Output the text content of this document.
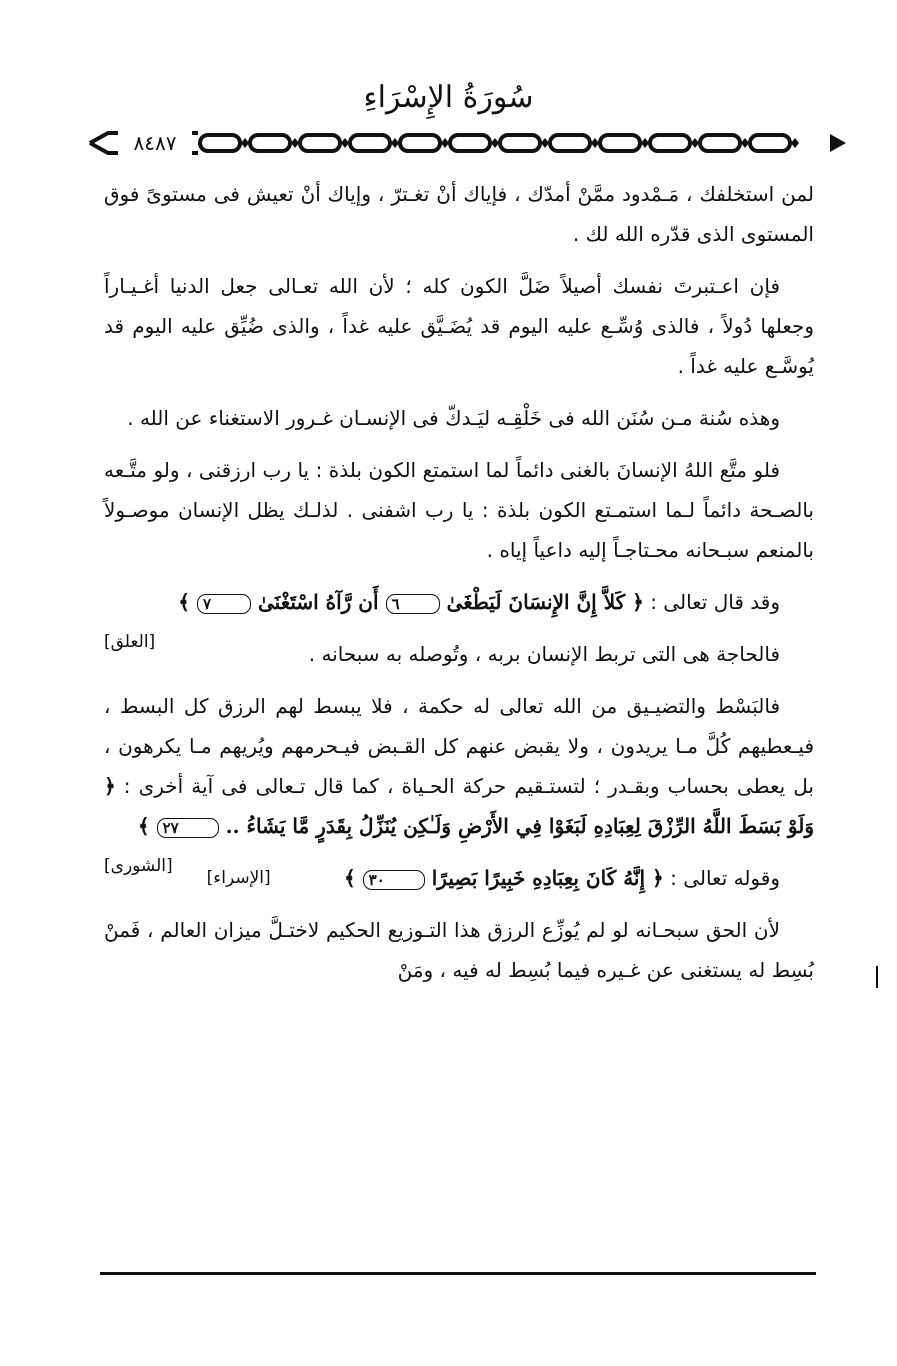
سُورَةُ الإِسْرَاءِ
٨٤٨٧

لمن استخلفك ، مَـمْدود ممَّنْ أمدّك ، فإياك أنْ تغـترّ ، وإياك أنْ تعيش فى مستوىً فوق المستوى الذى قدّره الله لك .

فإن اعـتبرتَ نفسك أصيلاً ضَلَّ الكون كله ؛ لأن الله تعـالى جعل الدنيا أغـيـاراً وجعلها دُولاً ، فالذى وُسِّـع عليه اليوم قد يُضَـيَّق عليه غداً ، والذى ضُيِّق عليه اليوم قد يُوسَّـع عليه غداً .

وهذه سُنة مـن سُنَن الله فى خَلْقِـه ليَـدكّ فى الإنسـان غـرور الاستغناء عن الله .

فلو متَّع اللهُ الإنسانَ بالغنى دائماً لما استمتع الكون بلذة : يا رب ارزقنى ، ولو متَّـعه بالصـحة دائماً لـما استمـتع الكون بلذة : يا رب اشفنى . لذلـك يظل الإنسان موصـولاً بالمنعم سبـحانه محـتاجـاً إليه داعياً إياه .

وقد قال تعالى : ﴿ كَلاَّ إِنَّ الإِنسَانَ لَيَطْغَىٰ ٦ أَن رَّآهُ اسْتَغْنَىٰ ٧ ﴾
[العلق]	فالحاجة هى التى تربط الإنسان بربه ، وتُوصله به سبحانه .

فالبَسْط والتضيـيق من الله تعالى له حكمة ، فلا يبسط لهم الرزق كل البسط ، فيـعطيهم كُلَّ مـا يريدون ، ولا يقبض عنهم كل القـبض فيـحرمهم ويُريهم مـا يكرهون ، بل يعطى بحساب وبقـدر ؛ لتستـقيم حركة الحـياة ، كما قال تـعالى فى آية أخرى : ﴿ وَلَوْ بَسَطَ اللَّهُ الرِّزْقَ لِعِبَادِهِ لَبَغَوْا فِي الأَرْضِ وَلَـٰكِن يُنَزِّلُ بِقَدَرٍ مَّا يَشَاءُ .. ٢٧ ﴾
[الشورى]	وقوله تعالى : ﴿ إِنَّهُ كَانَ بِعِبَادِهِ خَبِيرًا بَصِيرًا ٣٠ ﴾
[الإسراء]

لأن الحق سبحـانه لو لم يُوزِّع الرزق هذا التـوزيع الحكيم لاختـلَّ ميزان العالم ، فَمنْ بُسِط له يستغنى عن غـيره فيما بُسِط له فيه ، ومَنْ
